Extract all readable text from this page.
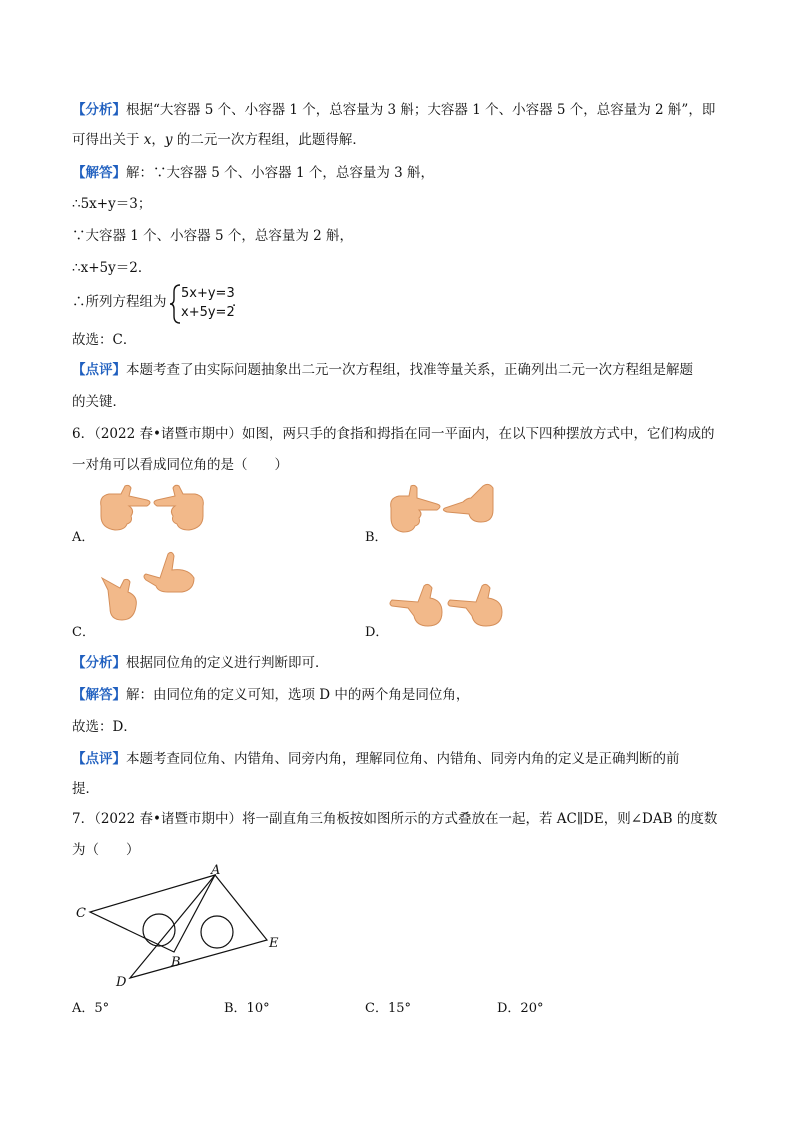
【分析】根据“大容器 5 个、小容器 1 个，总容量为 3 斛；大容器 1 个、小容器 5 个，总容量为 2 斛”，即
可得出关于 x，y 的二元一次方程组，此题得解．
【解答】解：∵大容器 5 个、小容器 1 个，总容量为 3 斛，
∴5x+y＝3；
∵大容器 1 个、小容器 5 个，总容量为 2 斛，
∴x+5y＝2．
∴所列方程组为
5x+y=3
x+5y=2
．
故选：C．
【点评】本题考查了由实际问题抽象出二元一次方程组，找准等量关系，正确列出二元一次方程组是解题
的关键．
6．（2022 春•诸暨市期中）如图，两只手的食指和拇指在同一平面内，在以下四种摆放方式中，它们构成的
一对角可以看成同位角的是（　　）
A．	B．
C．	D．
【分析】根据同位角的定义进行判断即可．
【解答】解：由同位角的定义可知，选项 D 中的两个角是同位角，
故选：D．
【点评】本题考查同位角、内错角、同旁内角，理解同位角、内错角、同旁内角的定义是正确判断的前
提．
7．（2022 春•诸暨市期中）将一副直角三角板按如图所示的方式叠放在一起，若 AC∥DE，则∠DAB 的度数
为（　　）
A
C
B
D
E
A．5°	B．10°	C．15°	D．20°
